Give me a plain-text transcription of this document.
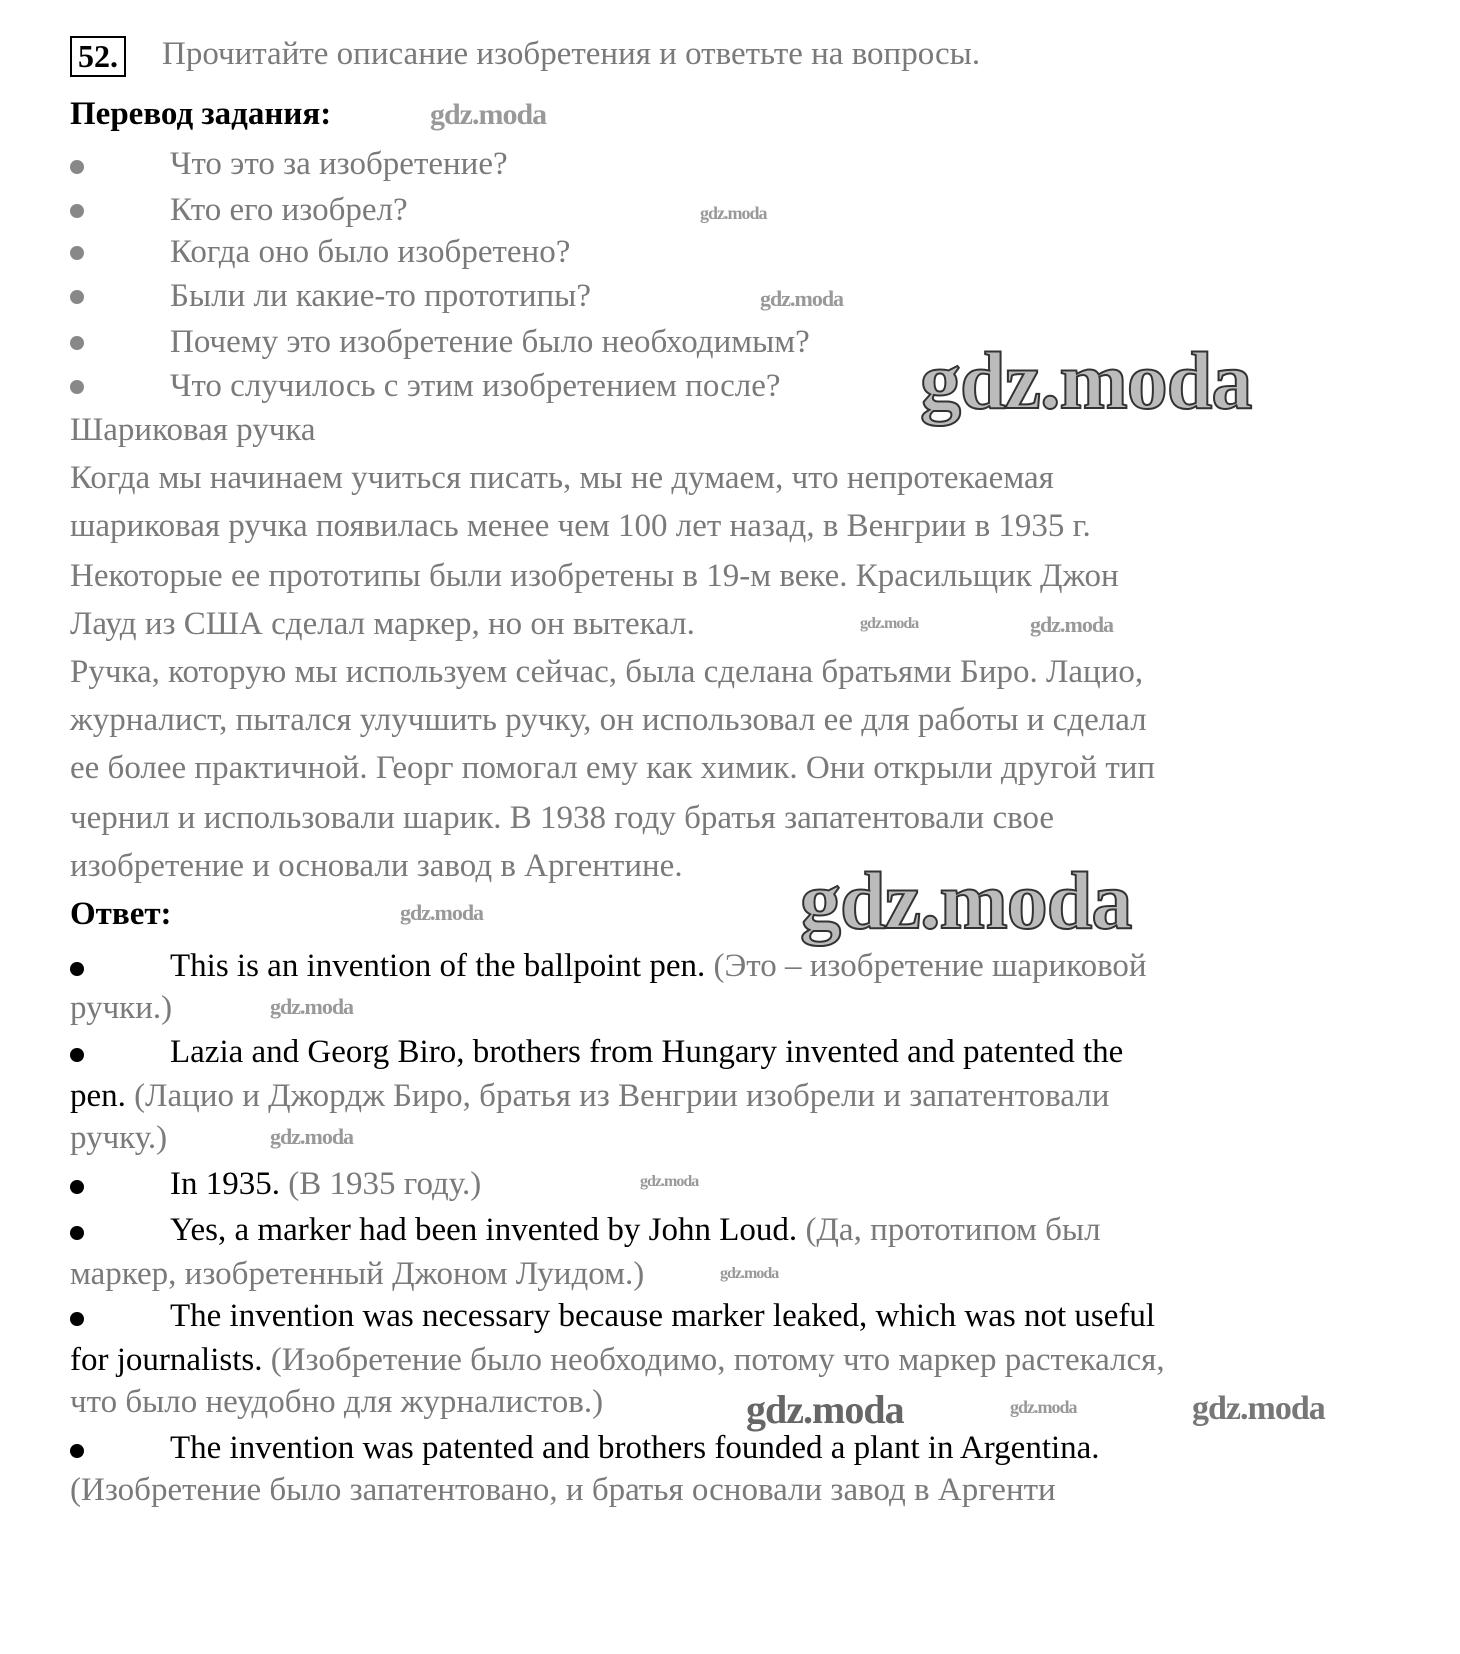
52. Прочитайте описание изобретения и ответьте на вопросы.
Перевод задания:
Что это за изобретение?
Кто его изобрел?
Когда оно было изобретено?
Были ли какие-то прототипы?
Почему это изобретение было необходимым?
Что случилось с этим изобретением после?
Шариковая ручка
Когда мы начинаем учиться писать, мы не думаем, что непротекаемая
шариковая ручка появилась менее чем 100 лет назад, в Венгрии в 1935 г.
Некоторые ее прототипы были изобретены в 19-м веке. Красильщик Джон
Лауд из США сделал маркер, но он вытекал.
Ручка, которую мы используем сейчас, была сделана братьями Биро. Лацио,
журналист, пытался улучшить ручку, он использовал ее для работы и сделал
ее более практичной. Георг помогал ему как химик. Они открыли другой тип
чернил и использовали шарик. В 1938 году братья запатентовали свое
изобретение и основали завод в Аргентине.
Ответ:
This is an invention of the ballpoint pen. (Это – изобретение шариковой
ручки.)
Lazia and Georg Biro, brothers from Hungary invented and patented the
pen. (Лацио и Джордж Биро, братья из Венгрии изобрели и запатентовали
ручку.)
In 1935. (В 1935 году.)
Yes, a marker had been invented by John Loud. (Да, прототипом был
маркер, изобретенный Джоном Луидом.)
The invention was necessary because marker leaked, which was not useful
for journalists. (Изобретение было необходимо, потому что маркер растекался,
что было неудобно для журналистов.)
The invention was patented and brothers founded a plant in Argentina.
(Изобретение было запатентовано, и братья основали завод в Аргенти
gdz.moda
gdz.moda
gdz.moda
gdz.moda
gdz.moda
gdz.moda
gdz.moda
gdz.moda
gdz.moda
gdz.moda
gdz.moda
gdz.moda
gdz.moda	gdz.moda
gdz.moda
